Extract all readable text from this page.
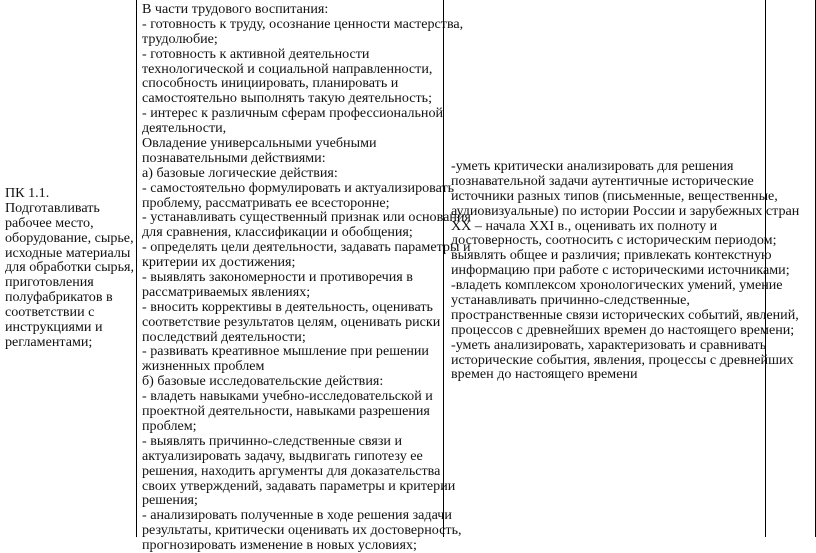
ПК 1.1.
Подготавливать
рабочее место,
оборудование, сырье,
исходные материалы
для обработки сырья,
приготовления
полуфабрикатов в
соответствии с
инструкциями и
регламентами;
В части трудового воспитания:
- готовность к труду, осознание ценности мастерства,
трудолюбие;
- готовность к активной деятельности
технологической и социальной направленности,
способность инициировать, планировать и
самостоятельно выполнять такую деятельность;
- интерес к различным сферам профессиональной
деятельности,
Овладение универсальными учебными
познавательными действиями:
а) базовые логические действия:
- самостоятельно формулировать и актуализировать
проблему, рассматривать ее всесторонне;
- устанавливать существенный признак или основания
для сравнения, классификации и обобщения;
- определять цели деятельности, задавать параметры и
критерии их достижения;
- выявлять закономерности и противоречия в
рассматриваемых явлениях;
- вносить коррективы в деятельность, оценивать
соответствие результатов целям, оценивать риски
последствий деятельности;
- развивать креативное мышление при решении
жизненных проблем
б) базовые исследовательские действия:
- владеть навыками учебно-исследовательской и
проектной деятельности, навыками разрешения
проблем;
- выявлять причинно-следственные связи и
актуализировать задачу, выдвигать гипотезу ее
решения, находить аргументы для доказательства
своих утверждений, задавать параметры и критерии
решения;
- анализировать полученные в ходе решения задачи
результаты, критически оценивать их достоверность,
прогнозировать изменение в новых условиях;
-уметь критически анализировать для решения
познавательной задачи аутентичные исторические
источники разных типов (письменные, вещественные,
аудиовизуальные) по истории России и зарубежных стран
XX – начала XXI в., оценивать их полноту и
достоверность, соотносить с историческим периодом;
выявлять общее и различия; привлекать контекстную
информацию при работе с историческими источниками;
-владеть комплексом хронологических умений, умение
устанавливать причинно-следственные,
пространственные связи исторических событий, явлений,
процессов с древнейших времен до настоящего времени;
-уметь анализировать, характеризовать и сравнивать
исторические события, явления, процессы с древнейших
времен до настоящего времени
